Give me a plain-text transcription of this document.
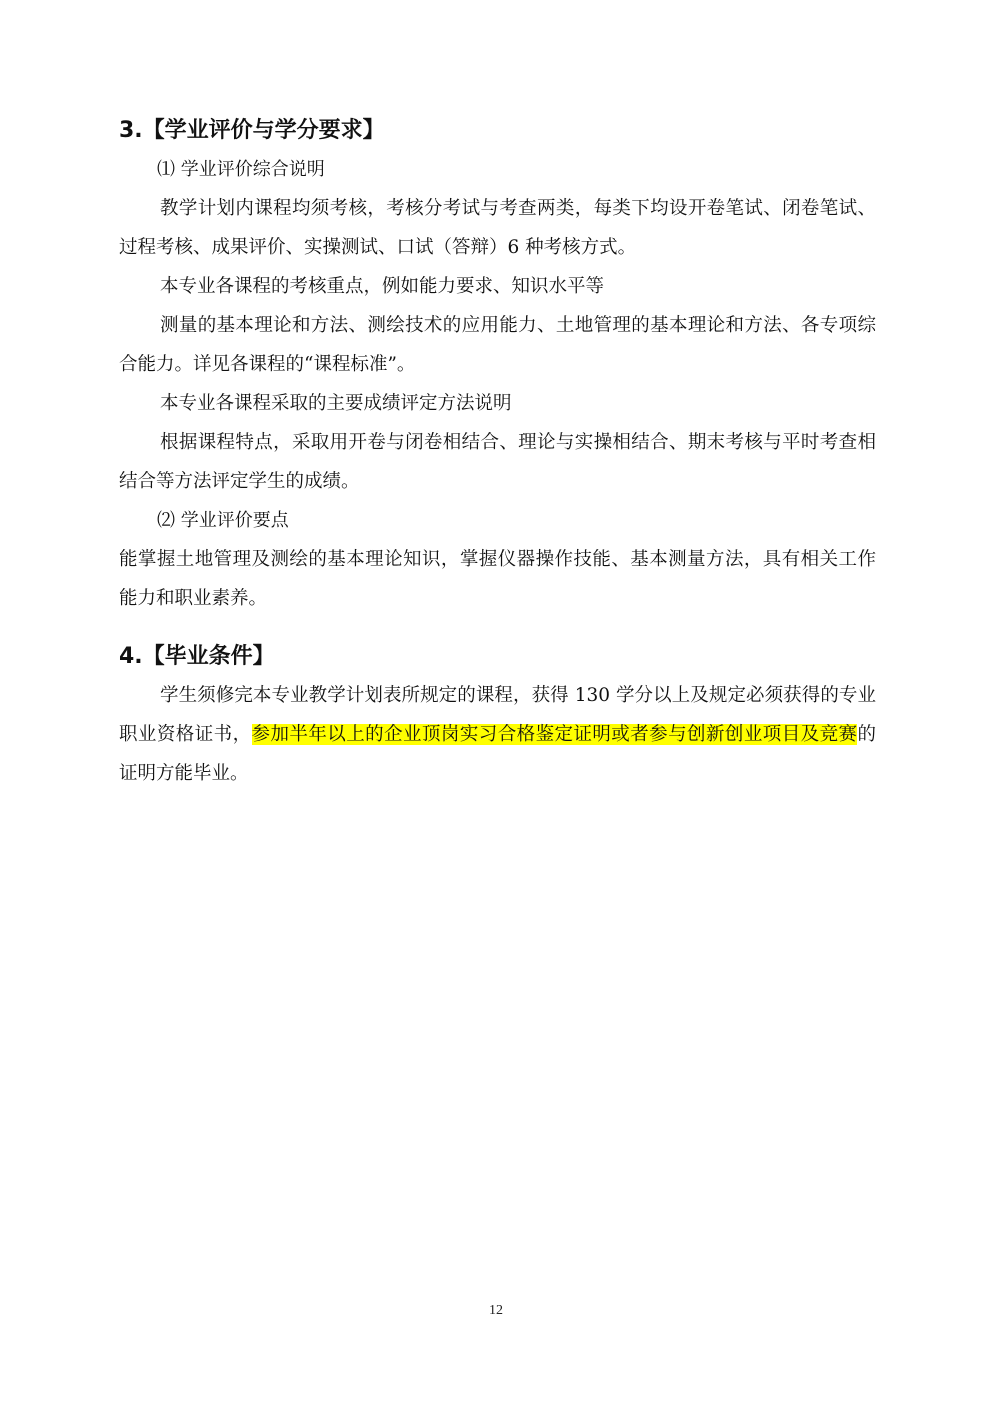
3.【学业评价与学分要求】

⑴ 学业评价综合说明

教学计划内课程均须考核，考核分考试与考查两类，每类下均设开卷笔试、闭卷笔试、过程考核、成果评价、实操测试、口试（答辩）6 种考核方式。

本专业各课程的考核重点，例如能力要求、知识水平等

测量的基本理论和方法、测绘技术的应用能力、土地管理的基本理论和方法、各专项综合能力。详见各课程的“课程标准”。

本专业各课程采取的主要成绩评定方法说明

根据课程特点，采取用开卷与闭卷相结合、理论与实操相结合、期末考核与平时考查相结合等方法评定学生的成绩。

⑵ 学业评价要点

能掌握土地管理及测绘的基本理论知识，掌握仪器操作技能、基本测量方法，具有相关工作能力和职业素养。

4.【毕业条件】

学生须修完本专业教学计划表所规定的课程，获得 130 学分以上及规定必须获得的专业职业资格证书，参加半年以上的企业顶岗实习合格鉴定证明或者参与创新创业项目及竞赛的证明方能毕业。

12
